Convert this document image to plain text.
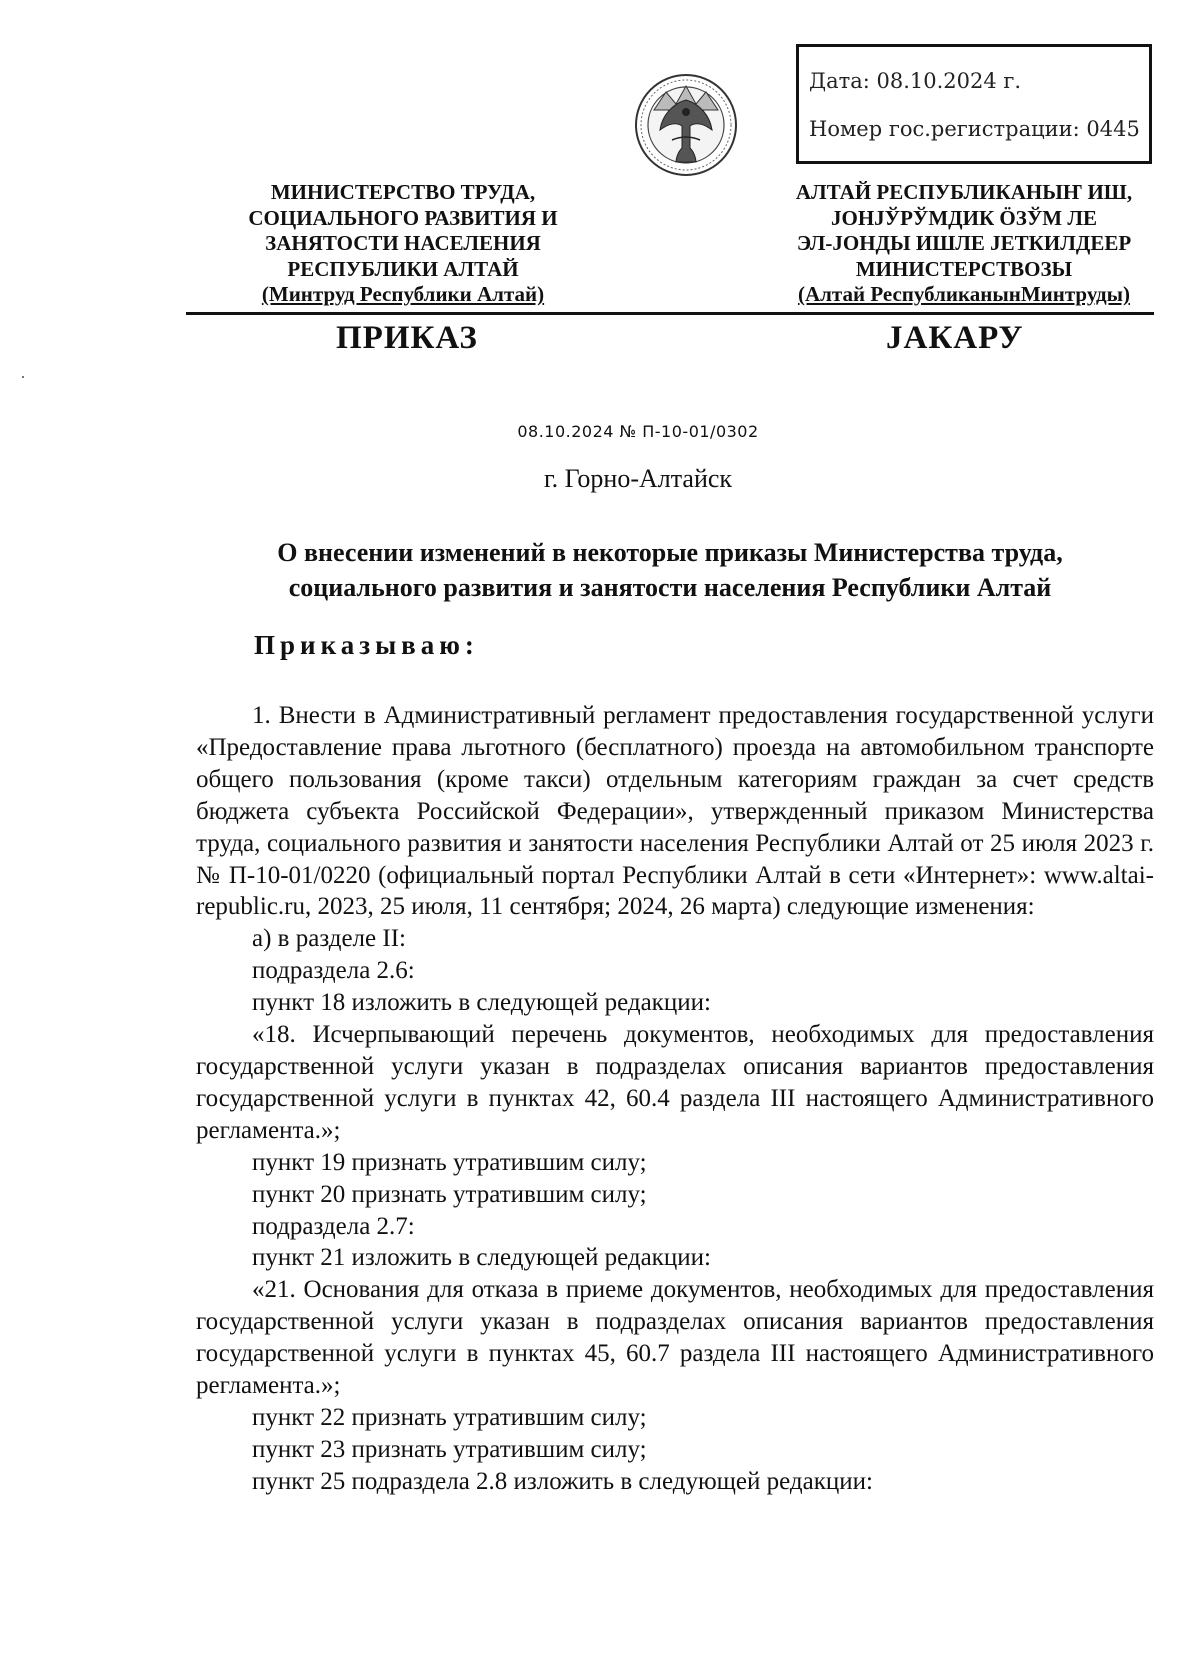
Дата: 08.10.2024 г.
Номер гос.регистрации: 0445
МИНИСТЕРСТВО ТРУДА,
СОЦИАЛЬНОГО РАЗВИТИЯ И
ЗАНЯТОСТИ НАСЕЛЕНИЯ
РЕСПУБЛИКИ АЛТАЙ
(Минтруд Республики Алтай)
АЛТАЙ РЕСПУБЛИКАНЫҤ ИШ,
ЈОНЈЎРЎМДИК ÖЗЎМ ЛЕ
ЭЛ-ЈОНДЫ ИШЛЕ ЈЕТКИЛДЕЕР
МИНИСТЕРСТВОЗЫ
(Алтай РеспубликанынМинтруды)
ПРИКАЗ	ЈАКАРУ
08.10.2024 № П-10-01/0302
г. Горно-Алтайск
О внесении изменений в некоторые приказы Министерства труда,
социального развития и занятости населения Республики Алтай
Приказываю:

1. Внести в Административный регламент предоставления государственной услуги «Предоставление права льготного (бесплатного) проезда на автомобильном транспорте общего пользования (кроме такси) отдельным категориям граждан за счет средств бюджета субъекта Российской Федерации», утвержденный приказом Министерства труда, социального развития и занятости населения Республики Алтай от 25 июля 2023 г. № П-10-01/0220 (официальный портал Республики Алтай в сети «Интернет»: www.altai-republic.ru, 2023, 25 июля, 11 сентября; 2024, 26 марта) следующие изменения:

а) в разделе II:

подраздела 2.6:

пункт 18 изложить в следующей редакции:

«18. Исчерпывающий перечень документов, необходимых для предоставления государственной услуги указан в подразделах описания вариантов предоставления государственной услуги в пунктах 42, 60.4 раздела III настоящего Административного регламента.»;

пункт 19 признать утратившим силу;

пункт 20 признать утратившим силу;

подраздела 2.7:

пункт 21 изложить в следующей редакции:

«21. Основания для отказа в приеме документов, необходимых для предоставления государственной услуги указан в подразделах описания вариантов предоставления государственной услуги в пунктах 45, 60.7 раздела III настоящего Административного регламента.»;

пункт 22 признать утратившим силу;

пункт 23 признать утратившим силу;

пункт 25 подраздела 2.8 изложить в следующей редакции:
